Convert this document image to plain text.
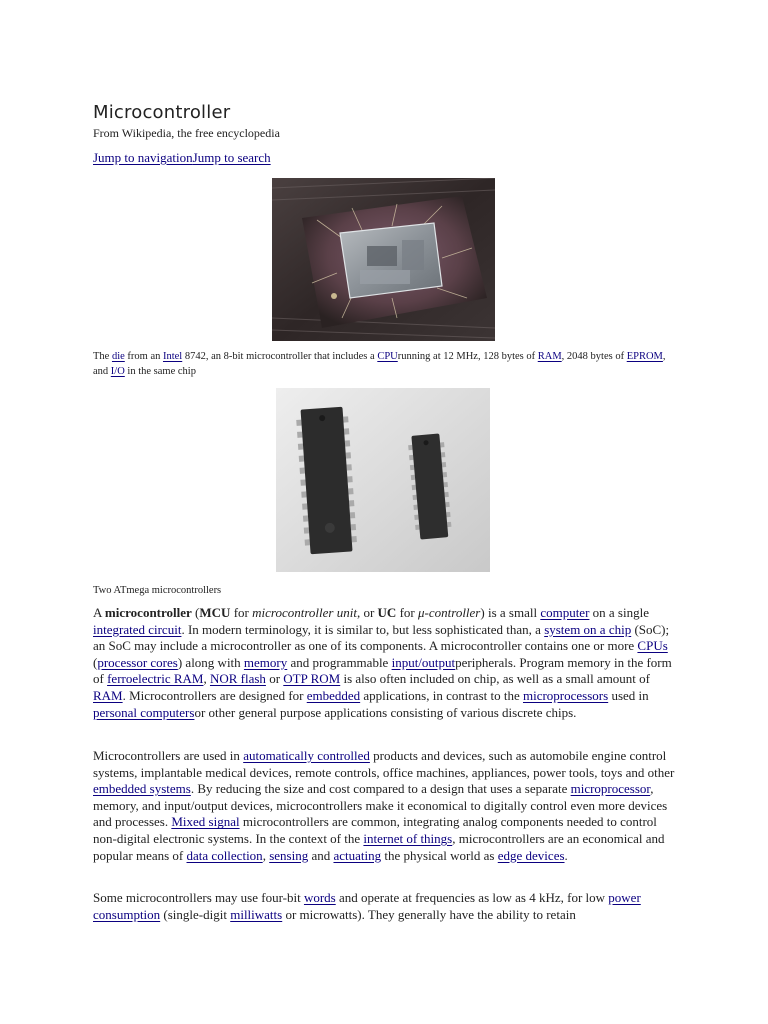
Microcontroller
From Wikipedia, the free encyclopedia
Jump to navigationJump to search
The die from an Intel 8742, an 8-bit microcontroller that includes a CPUrunning at 12 MHz, 128 bytes of RAM, 2048 bytes of EPROM, and I/O in the same chip
Two ATmega microcontrollers

A microcontroller (MCU for microcontroller unit, or UC for μ-controller) is a small computer on a single integrated circuit. In modern terminology, it is similar to, but less sophisticated than, a system on a chip (SoC); an SoC may include a microcontroller as one of its components. A microcontroller contains one or more CPUs (processor cores) along with memory and programmable input/outputperipherals. Program memory in the form of ferroelectric RAM, NOR flash or OTP ROM is also often included on chip, as well as a small amount of RAM. Microcontrollers are designed for embedded applications, in contrast to the microprocessors used in personal computersor other general purpose applications consisting of various discrete chips.

Microcontrollers are used in automatically controlled products and devices, such as automobile engine control systems, implantable medical devices, remote controls, office machines, appliances, power tools, toys and other embedded systems. By reducing the size and cost compared to a design that uses a separate microprocessor, memory, and input/output devices, microcontrollers make it economical to digitally control even more devices and processes. Mixed signal microcontrollers are common, integrating analog components needed to control non-digital electronic systems. In the context of the internet of things, microcontrollers are an economical and popular means of data collection, sensing and actuating the physical world as edge devices.

Some microcontrollers may use four-bit words and operate at frequencies as low as 4 kHz, for low power consumption (single-digit milliwatts or microwatts). They generally have the ability to retain
